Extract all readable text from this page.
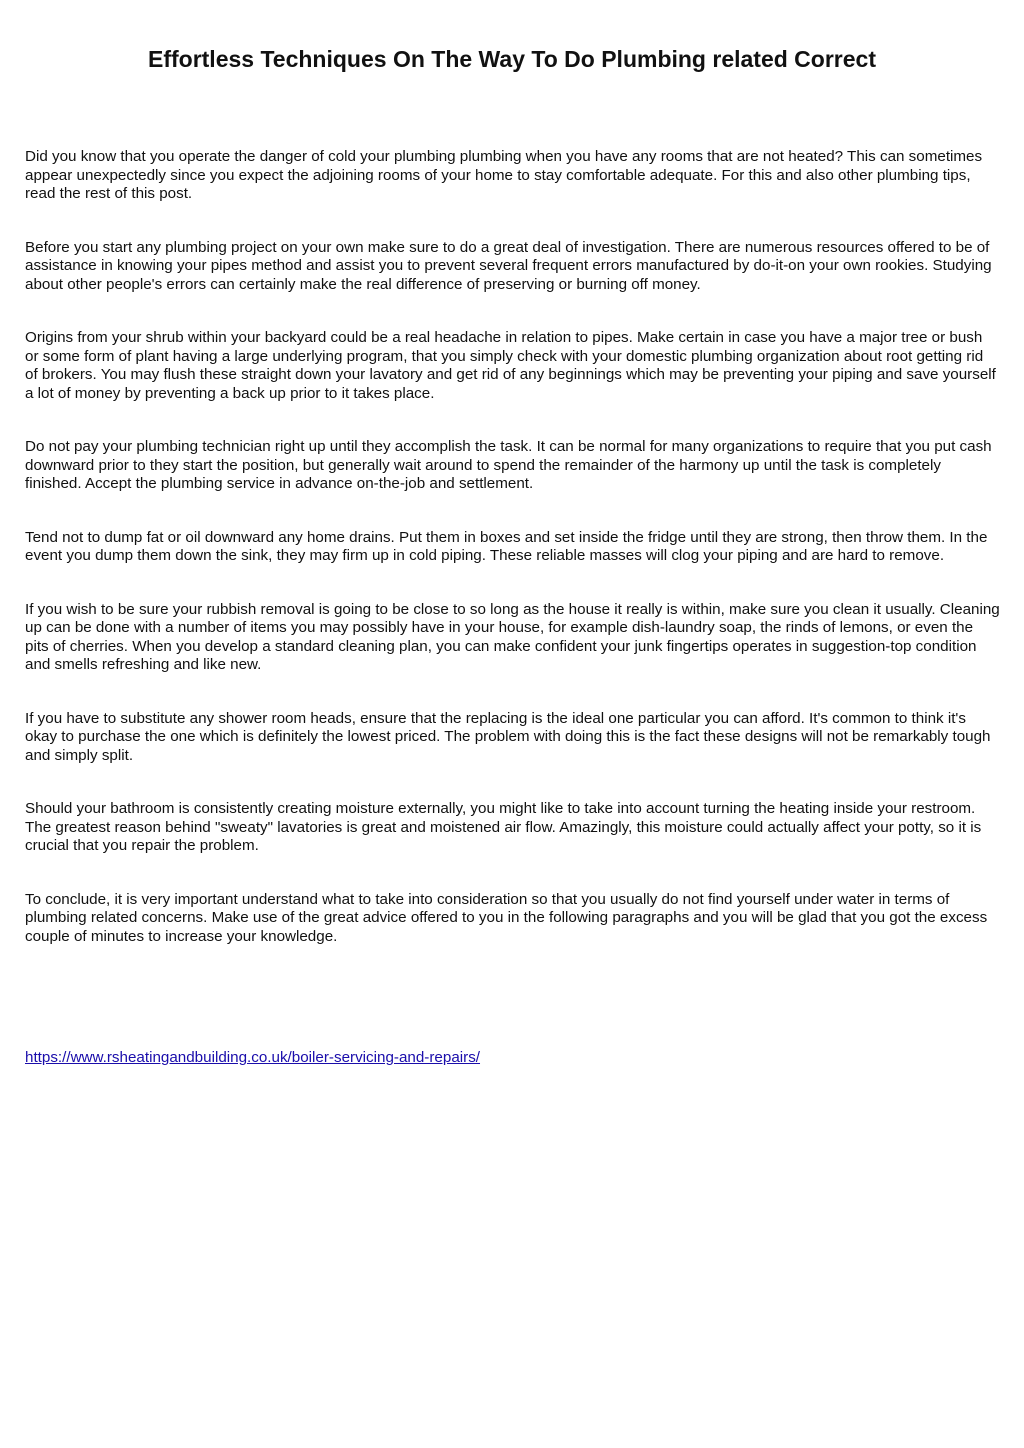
Effortless Techniques On The Way To Do Plumbing related Correct

Did you know that you operate the danger of cold your plumbing plumbing when you have any rooms that are not heated? This can sometimes appear unexpectedly since you expect the adjoining rooms of your home to stay comfortable adequate. For this and also other plumbing tips, read the rest of this post.

Before you start any plumbing project on your own make sure to do a great deal of investigation. There are numerous resources offered to be of assistance in knowing your pipes method and assist you to prevent several frequent errors manufactured by do-it-on your own rookies. Studying about other people's errors can certainly make the real difference of preserving or burning off money.

Origins from your shrub within your backyard could be a real headache in relation to pipes. Make certain in case you have a major tree or bush or some form of plant having a large underlying program, that you simply check with your domestic plumbing organization about root getting rid of brokers. You may flush these straight down your lavatory and get rid of any beginnings which may be preventing your piping and save yourself a lot of money by preventing a back up prior to it takes place.

Do not pay your plumbing technician right up until they accomplish the task. It can be normal for many organizations to require that you put cash downward prior to they start the position, but generally wait around to spend the remainder of the harmony up until the task is completely finished. Accept the plumbing service in advance on-the-job and settlement.

Tend not to dump fat or oil downward any home drains. Put them in boxes and set inside the fridge until they are strong, then throw them. In the event you dump them down the sink, they may firm up in cold piping. These reliable masses will clog your piping and are hard to remove.

If you wish to be sure your rubbish removal is going to be close to so long as the house it really is within, make sure you clean it usually. Cleaning up can be done with a number of items you may possibly have in your house, for example dish-laundry soap, the rinds of lemons, or even the pits of cherries. When you develop a standard cleaning plan, you can make confident your junk fingertips operates in suggestion-top condition and smells refreshing and like new.

If you have to substitute any shower room heads, ensure that the replacing is the ideal one particular you can afford. It's common to think it's okay to purchase the one which is definitely the lowest priced. The problem with doing this is the fact these designs will not be remarkably tough and simply split.

Should your bathroom is consistently creating moisture externally, you might like to take into account turning the heating inside your restroom. The greatest reason behind "sweaty" lavatories is great and moistened air flow. Amazingly, this moisture could actually affect your potty, so it is crucial that you repair the problem.

To conclude, it is very important understand what to take into consideration so that you usually do not find yourself under water in terms of plumbing related concerns. Make use of the great advice offered to you in the following paragraphs and you will be glad that you got the excess couple of minutes to increase your knowledge.

https://www.rsheatingandbuilding.co.uk/boiler-servicing-and-repairs/
